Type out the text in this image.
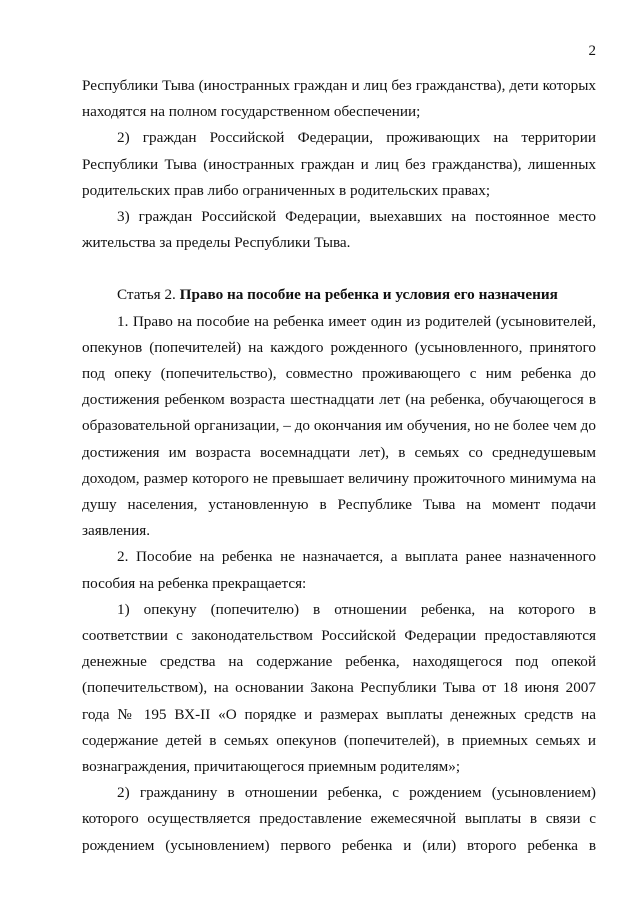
2
Республики Тыва (иностранных граждан и лиц без гражданства), дети которых
находятся на полном государственном обеспечении;
2) граждан Российской Федерации, проживающих на территории
Республики Тыва (иностранных граждан и лиц без гражданства), лишенных
родительских прав либо ограниченных в родительских правах;
3) граждан Российской Федерации, выехавших на постоянное место
жительства за пределы Республики Тыва.

Статья 2. Право на пособие на ребенка и условия его назначения

1. Право на пособие на ребенка имеет один из родителей (усыновителей,
опекунов (попечителей) на каждого рожденного (усыновленного, принятого
под опеку (попечительство), совместно проживающего с ним ребенка до
достижения ребенком возраста шестнадцати лет (на ребенка, обучающегося в
образовательной организации, – до окончания им обучения, но не более чем до
достижения им возраста восемнадцати лет), в семьях со среднедушевым
доходом, размер которого не превышает величину прожиточного минимума на
душу населения, установленную в Республике Тыва на момент подачи
заявления.
2. Пособие на ребенка не назначается, а выплата ранее назначенного
пособия на ребенка прекращается:
1) опекуну (попечителю) в отношении ребенка, на которого в
соответствии с законодательством Российской Федерации предоставляются
денежные средства на содержание ребенка, находящегося под опекой
(попечительством), на основании Закона Республики Тыва от 18 июня 2007
года № 195 ВХ-II «О порядке и размерах выплаты денежных средств на
содержание детей в семьях опекунов (попечителей), в приемных семьях и
вознаграждения, причитающегося приемным родителям»;
2) гражданину в отношении ребенка, с рождением (усыновлением)
которого осуществляется предоставление ежемесячной выплаты в связи с
рождением (усыновлением) первого ребенка и (или) второго ребенка в
